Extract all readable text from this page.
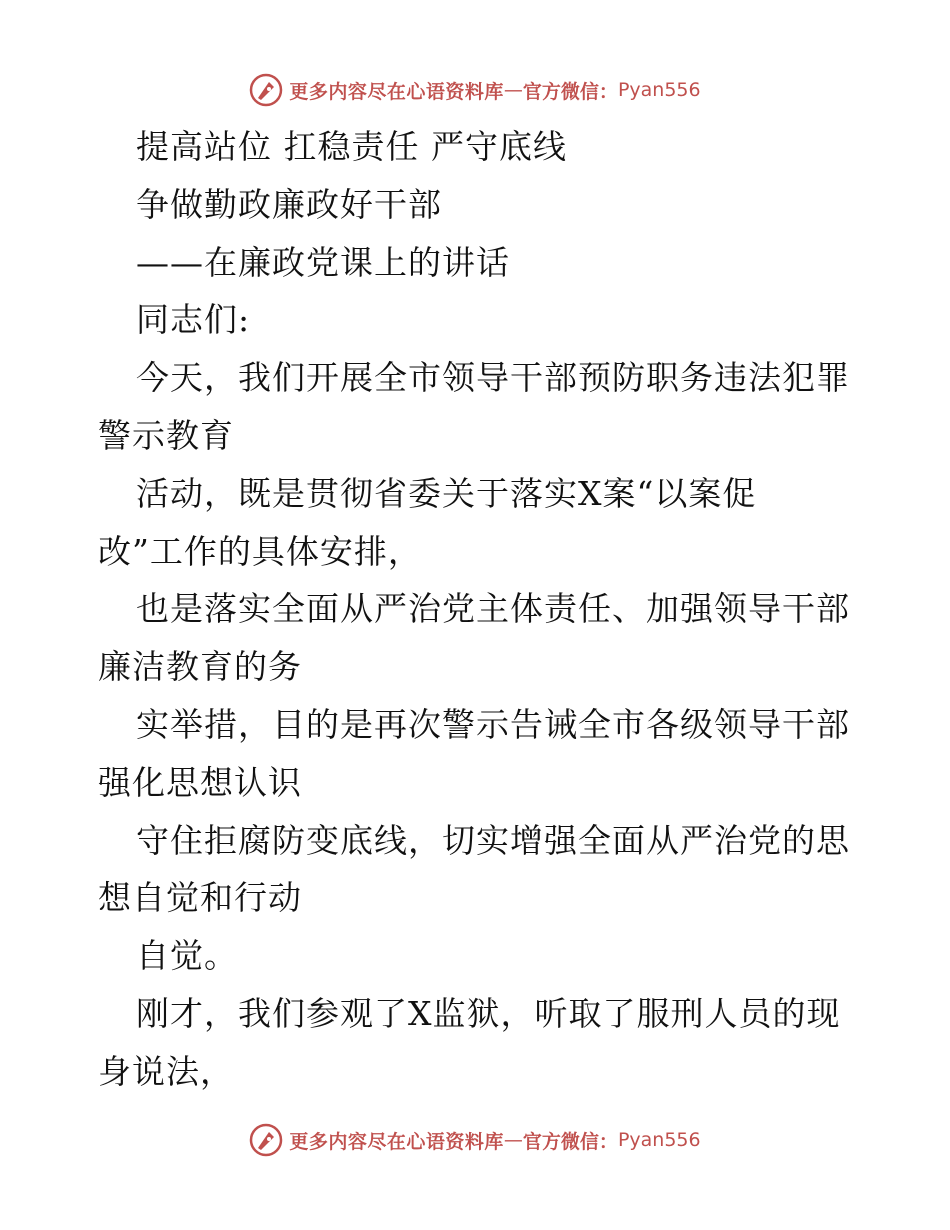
更多内容尽在心语资料库 — 官方微信： Pyan556
提高站位 扛稳责任 严守底线
争做勤政廉政好干部
——在廉政党课上的讲话
同志们:
今天，我们开展全市领导干部预防职务违法犯罪
警示教育
活动，既是贯彻省委关于落实X案“以案促
改”工作的具体安排，
也是落实全面从严治党主体责任、加强领导干部
廉洁教育的务
实举措，目的是再次警示告诫全市各级领导干部
强化思想认识
守住拒腐防变底线，切实增强全面从严治党的思
想自觉和行动
自觉。
刚才，我们参观了X监狱，听取了服刑人员的现
身说法，
更多内容尽在心语资料库 — 官方微信： Pyan556
